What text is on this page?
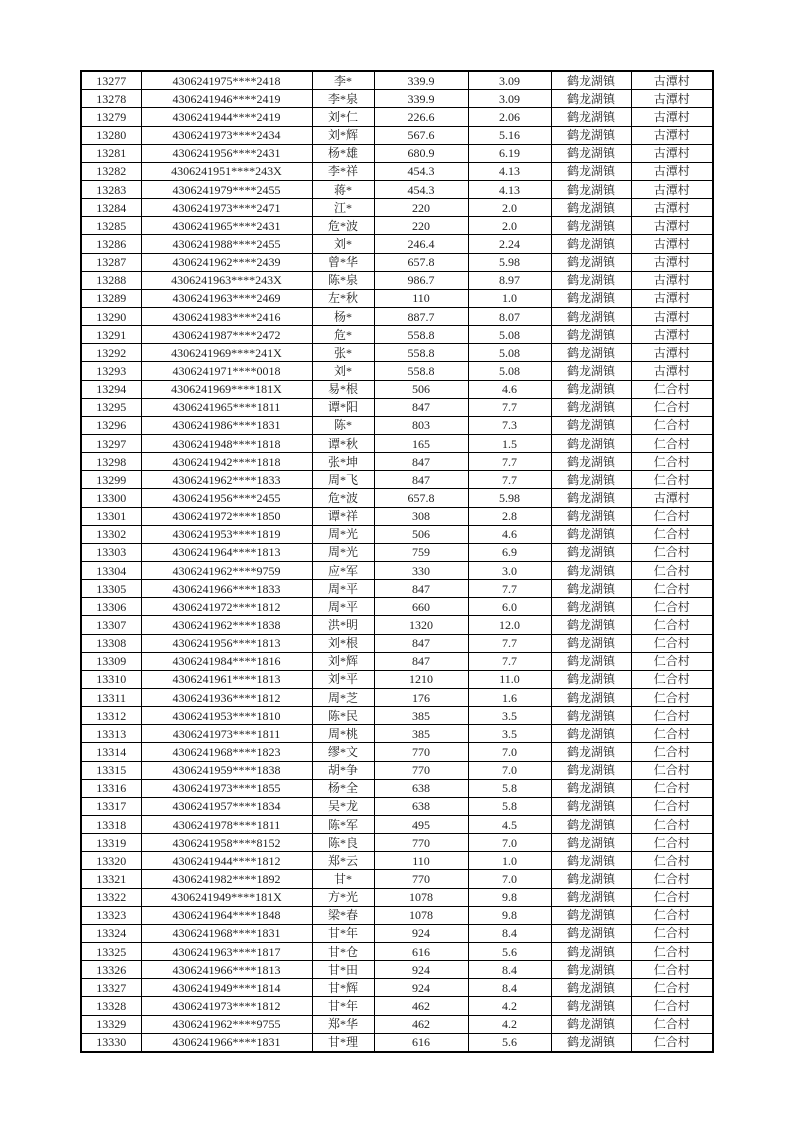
13277	4306241975****2418	李*	339.9	3.09	鹤龙湖镇	古潭村
13278	4306241946****2419	李*泉	339.9	3.09	鹤龙湖镇	古潭村
13279	4306241944****2419	刘*仁	226.6	2.06	鹤龙湖镇	古潭村
13280	4306241973****2434	刘*辉	567.6	5.16	鹤龙湖镇	古潭村
13281	4306241956****2431	杨*雄	680.9	6.19	鹤龙湖镇	古潭村
13282	4306241951****243X	李*祥	454.3	4.13	鹤龙湖镇	古潭村
13283	4306241979****2455	蒋*	454.3	4.13	鹤龙湖镇	古潭村
13284	4306241973****2471	江*	220	2.0	鹤龙湖镇	古潭村
13285	4306241965****2431	危*波	220	2.0	鹤龙湖镇	古潭村
13286	4306241988****2455	刘*	246.4	2.24	鹤龙湖镇	古潭村
13287	4306241962****2439	曾*华	657.8	5.98	鹤龙湖镇	古潭村
13288	4306241963****243X	陈*泉	986.7	8.97	鹤龙湖镇	古潭村
13289	4306241963****2469	左*秋	110	1.0	鹤龙湖镇	古潭村
13290	4306241983****2416	杨*	887.7	8.07	鹤龙湖镇	古潭村
13291	4306241987****2472	危*	558.8	5.08	鹤龙湖镇	古潭村
13292	4306241969****241X	张*	558.8	5.08	鹤龙湖镇	古潭村
13293	4306241971****0018	刘*	558.8	5.08	鹤龙湖镇	古潭村
13294	4306241969****181X	易*根	506	4.6	鹤龙湖镇	仁合村
13295	4306241965****1811	谭*阳	847	7.7	鹤龙湖镇	仁合村
13296	4306241986****1831	陈*	803	7.3	鹤龙湖镇	仁合村
13297	4306241948****1818	谭*秋	165	1.5	鹤龙湖镇	仁合村
13298	4306241942****1818	张*坤	847	7.7	鹤龙湖镇	仁合村
13299	4306241962****1833	周*飞	847	7.7	鹤龙湖镇	仁合村
13300	4306241956****2455	危*波	657.8	5.98	鹤龙湖镇	古潭村
13301	4306241972****1850	谭*祥	308	2.8	鹤龙湖镇	仁合村
13302	4306241953****1819	周*光	506	4.6	鹤龙湖镇	仁合村
13303	4306241964****1813	周*光	759	6.9	鹤龙湖镇	仁合村
13304	4306241962****9759	应*军	330	3.0	鹤龙湖镇	仁合村
13305	4306241966****1833	周*平	847	7.7	鹤龙湖镇	仁合村
13306	4306241972****1812	周*平	660	6.0	鹤龙湖镇	仁合村
13307	4306241962****1838	洪*明	1320	12.0	鹤龙湖镇	仁合村
13308	4306241956****1813	刘*根	847	7.7	鹤龙湖镇	仁合村
13309	4306241984****1816	刘*辉	847	7.7	鹤龙湖镇	仁合村
13310	4306241961****1813	刘*平	1210	11.0	鹤龙湖镇	仁合村
13311	4306241936****1812	周*芝	176	1.6	鹤龙湖镇	仁合村
13312	4306241953****1810	陈*民	385	3.5	鹤龙湖镇	仁合村
13313	4306241973****1811	周*桃	385	3.5	鹤龙湖镇	仁合村
13314	4306241968****1823	缪*文	770	7.0	鹤龙湖镇	仁合村
13315	4306241959****1838	胡*争	770	7.0	鹤龙湖镇	仁合村
13316	4306241973****1855	杨*全	638	5.8	鹤龙湖镇	仁合村
13317	4306241957****1834	吴*龙	638	5.8	鹤龙湖镇	仁合村
13318	4306241978****1811	陈*军	495	4.5	鹤龙湖镇	仁合村
13319	4306241958****8152	陈*良	770	7.0	鹤龙湖镇	仁合村
13320	4306241944****1812	郑*云	110	1.0	鹤龙湖镇	仁合村
13321	4306241982****1892	甘*	770	7.0	鹤龙湖镇	仁合村
13322	4306241949****181X	方*光	1078	9.8	鹤龙湖镇	仁合村
13323	4306241964****1848	梁*春	1078	9.8	鹤龙湖镇	仁合村
13324	4306241968****1831	甘*年	924	8.4	鹤龙湖镇	仁合村
13325	4306241963****1817	甘*仓	616	5.6	鹤龙湖镇	仁合村
13326	4306241966****1813	甘*田	924	8.4	鹤龙湖镇	仁合村
13327	4306241949****1814	甘*辉	924	8.4	鹤龙湖镇	仁合村
13328	4306241973****1812	甘*年	462	4.2	鹤龙湖镇	仁合村
13329	4306241962****9755	郑*华	462	4.2	鹤龙湖镇	仁合村
13330	4306241966****1831	甘*理	616	5.6	鹤龙湖镇	仁合村
